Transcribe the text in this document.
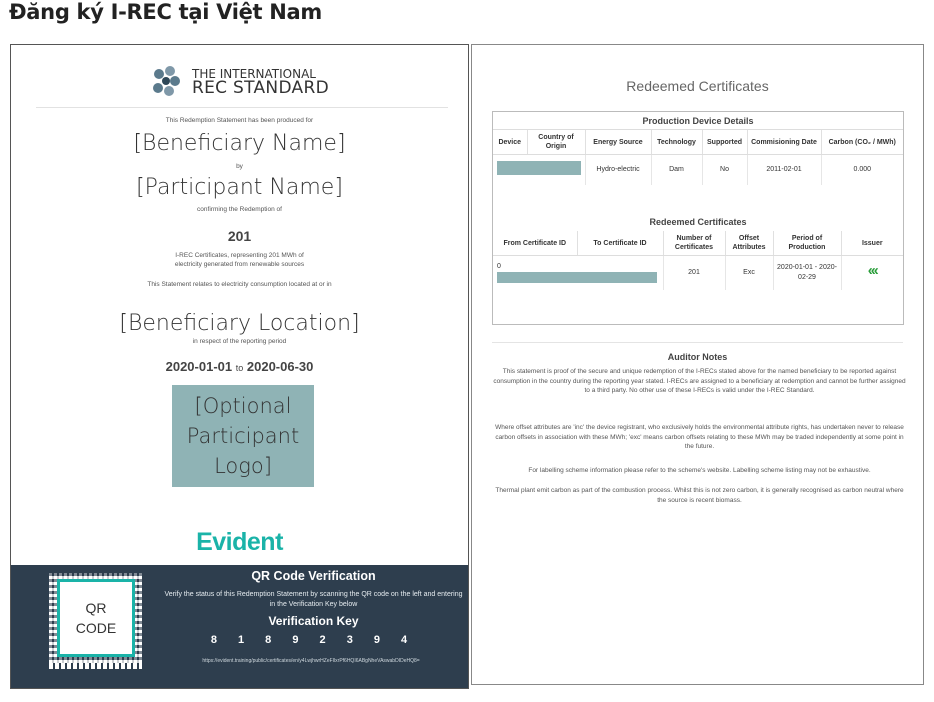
Đăng ký I-REC tại Việt Nam
THE INTERNATIONAL
REC STANDARD
This Redemption Statement has been produced for
[Beneficiary Name]
by
[Participant Name]
confirming the Redemption of
201
I-REC Certificates, representing 201 MWh of
electricity generated from renewable sources
This Statement relates to electricity consumption located at or in
[Beneficiary Location]
in respect of the reporting period
2020-01-01 to 2020-06-30
[Optional
Participant
Logo]
Evident
QR
CODE
QR Code Verification
Verify the status of this Redemption Statement by scanning the QR code on the left and entering in the Verification Key below
Verification Key
8 1 8 9 2 3 9 4
https://evident.training/public/certificates/en/y4LwjhwrHZeFIlxrPf6HQI6ABgNheVAswabDIDeHQ8=
Redeemed Certificates
Production Device Details
Device	Country of Origin	Energy Source	Technology	Supported	Commisioning Date	Carbon (CO₂ / MWh)
		Hydro-electric	Dam	No	2011-02-01	0.000
Redeemed Certificates
From Certificate ID	To Certificate ID	Number of Certificates	Offset Attributes	Period of Production	Issuer
0		201	Exc	2020-01-01 - 2020-02-29	‹‹‹
Auditor Notes
This statement is proof of the secure and unique redemption of the I-RECs stated above for the named beneficiary to be reported against consumption in the country during the reporting year stated. I-RECs are assigned to a beneficiary at redemption and cannot be further assigned to a third party. No other use of these I-RECs is valid under the I-REC Standard.
Where offset attributes are 'inc' the device registrant, who exclusively holds the environmental attribute rights, has undertaken never to release carbon offsets in association with these MWh; 'exc' means carbon offsets relating to these MWh may be traded independently at some point in the future.
For labelling scheme information please refer to the scheme's website. Labelling scheme listing may not be exhaustive.
Thermal plant emit carbon as part of the combustion process. Whilst this is not zero carbon, it is generally recognised as carbon neutral where the source is recent biomass.
